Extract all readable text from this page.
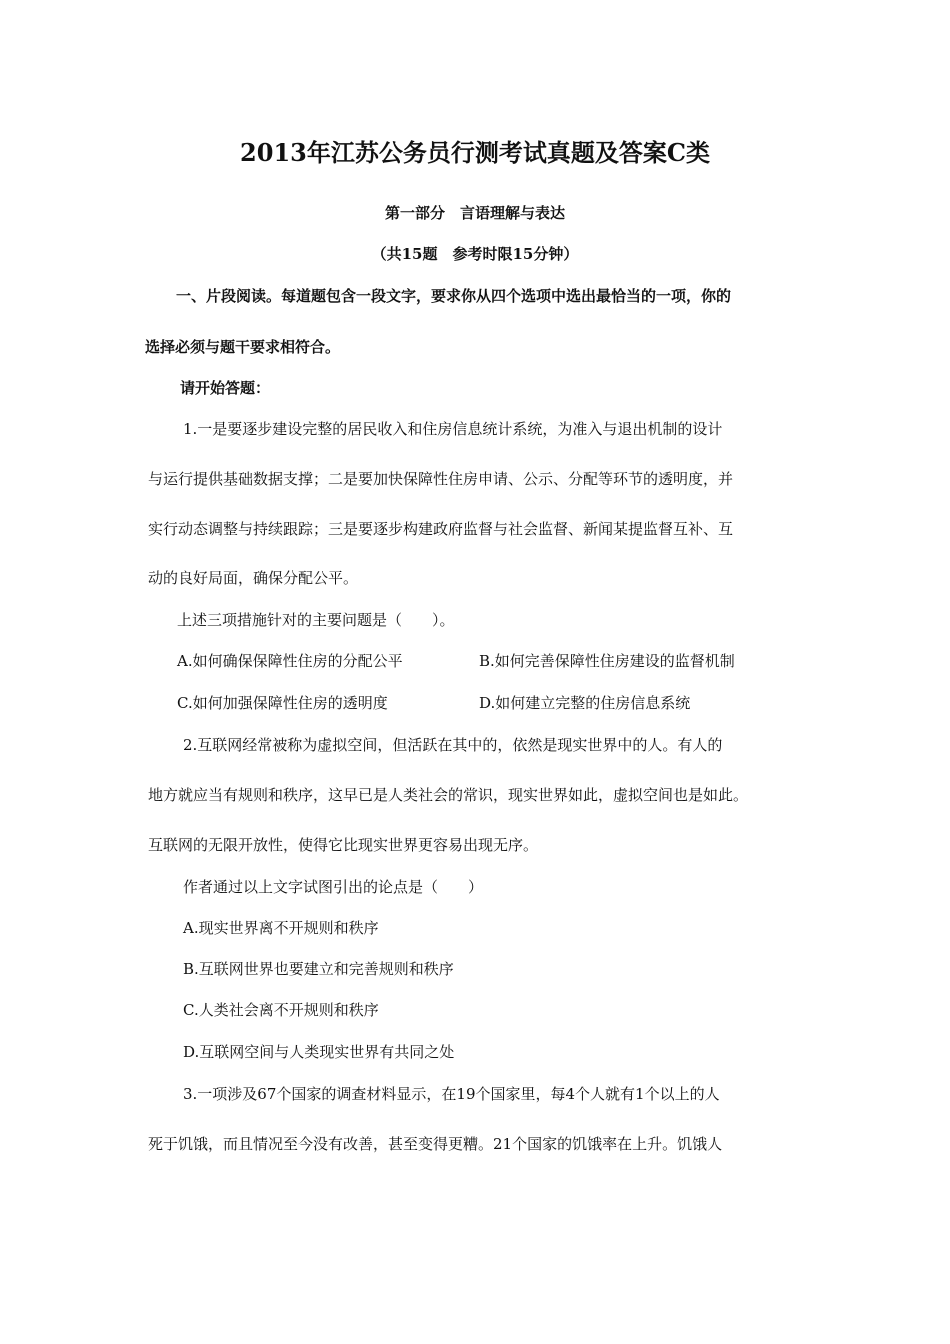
2013年江苏公务员行测考试真题及答案C类
第一部分　言语理解与表达
（共15题　参考时限15分钟）
一、片段阅读。每道题包含一段文字，要求你从四个选项中选出最恰当的一项，你的
选择必须与题干要求相符合。
请开始答题：
1.一是要逐步建设完整的居民收入和住房信息统计系统，为准入与退出机制的设计
与运行提供基础数据支撑；二是要加快保障性住房申请、公示、分配等环节的透明度，并
实行动态调整与持续跟踪；三是要逐步构建政府监督与社会监督、新闻某提监督互补、互
动的良好局面，确保分配公平。
上述三项措施针对的主要问题是（　　）。
A.如何确保保障性住房的分配公平	B.如何完善保障性住房建设的监督机制
C.如何加强保障性住房的透明度	D.如何建立完整的住房信息系统
2.互联网经常被称为虚拟空间，但活跃在其中的，依然是现实世界中的人。有人的
地方就应当有规则和秩序，这早已是人类社会的常识，现实世界如此，虚拟空间也是如此。
互联网的无限开放性，使得它比现实世界更容易出现无序。
作者通过以上文字试图引出的论点是（　　）
A.现实世界离不开规则和秩序
B.互联网世界也要建立和完善规则和秩序
C.人类社会离不开规则和秩序
D.互联网空间与人类现实世界有共同之处
3.一项涉及67个国家的调查材料显示，在19个国家里，每4个人就有1个以上的人
死于饥饿，而且情况至今没有改善，甚至变得更糟。21个国家的饥饿率在上升。饥饿人
